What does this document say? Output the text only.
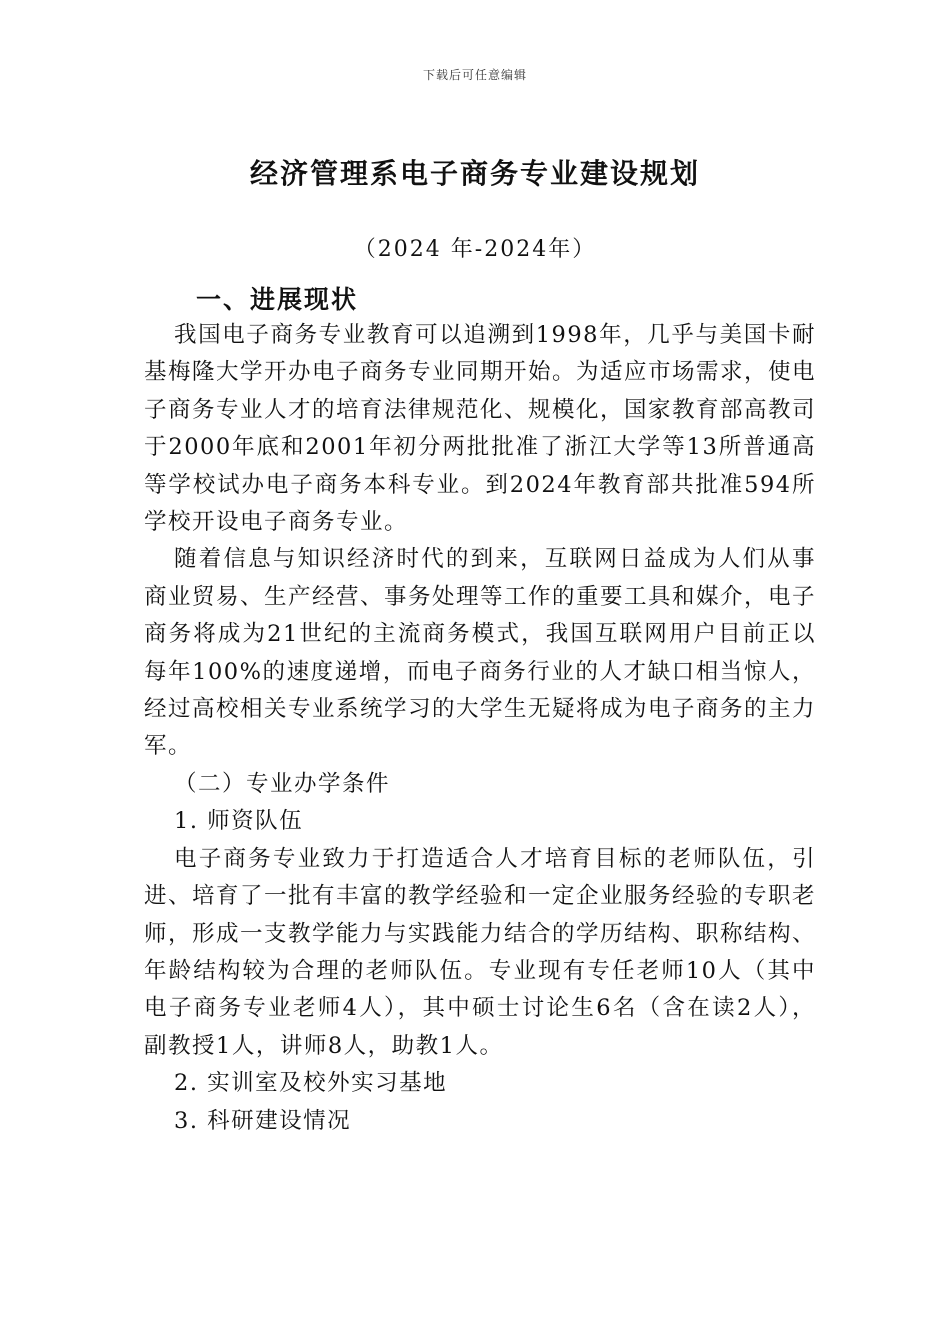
下载后可任意编辑
经济管理系电子商务专业建设规划
（2024 年-2024年）
一、进展现状

我国电子商务专业教育可以追溯到1998年，几乎与美国卡耐基梅隆大学开办电子商务专业同期开始。为适应市场需求，使电子商务专业人才的培育法律规范化、规模化，国家教育部高教司于2000年底和2001年初分两批批准了浙江大学等13所普通高等学校试办电子商务本科专业。到2024年教育部共批准594所学校开设电子商务专业。

随着信息与知识经济时代的到来，互联网日益成为人们从事商业贸易、生产经营、事务处理等工作的重要工具和媒介，电子商务将成为21世纪的主流商务模式，我国互联网用户目前正以每年100%的速度递增，而电子商务行业的人才缺口相当惊人，经过高校相关专业系统学习的大学生无疑将成为电子商务的主力军。

（二）专业办学条件

1. 师资队伍

电子商务专业致力于打造适合人才培育目标的老师队伍，引进、培育了一批有丰富的教学经验和一定企业服务经验的专职老师，形成一支教学能力与实践能力结合的学历结构、职称结构、年龄结构较为合理的老师队伍。专业现有专任老师10人（其中电子商务专业老师4人），其中硕士讨论生6名（含在读2人），副教授1人，讲师8人，助教1人。

2. 实训室及校外实习基地

3. 科研建设情况
